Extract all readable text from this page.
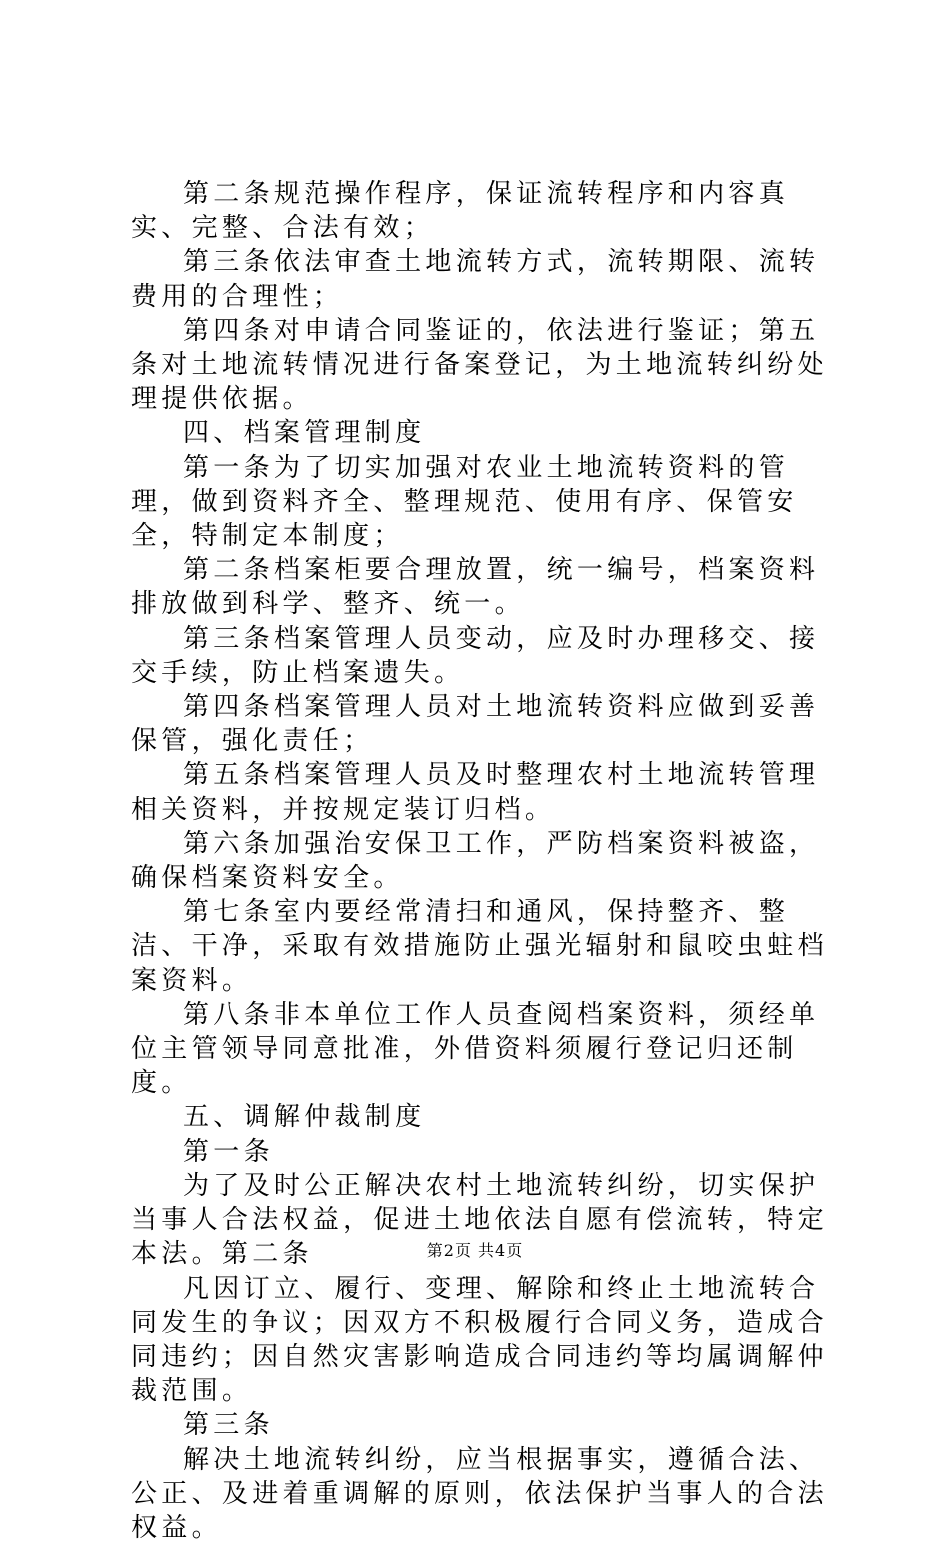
第二条规范操作程序，保证流转程序和内容真实、完整、合法有效；

第三条依法审查土地流转方式，流转期限、流转费用的合理性；

第四条对申请合同鉴证的，依法进行鉴证；第五条对土地流转情况进行备案登记，为土地流转纠纷处理提供依据。

四、档案管理制度

第一条为了切实加强对农业土地流转资料的管理，做到资料齐全、整理规范、使用有序、保管安全，特制定本制度；

第二条档案柜要合理放置，统一编号，档案资料排放做到科学、整齐、统一。

第三条档案管理人员变动，应及时办理移交、接交手续，防止档案遗失。

第四条档案管理人员对土地流转资料应做到妥善保管，强化责任；

第五条档案管理人员及时整理农村土地流转管理相关资料，并按规定装订归档。

第六条加强治安保卫工作，严防档案资料被盗，确保档案资料安全。

第七条室内要经常清扫和通风，保持整齐、整洁、干净，采取有效措施防止强光辐射和鼠咬虫蛀档案资料。

第八条非本单位工作人员查阅档案资料，须经单位主管领导同意批准，外借资料须履行登记归还制度。

五、调解仲裁制度

第一条

为了及时公正解决农村土地流转纠纷，切实保护当事人合法权益，促进土地依法自愿有偿流转，特定本法。第二条

凡因订立、履行、变理、解除和终止土地流转合同发生的争议；因双方不积极履行合同义务，造成合同违约；因自然灾害影响造成合同违约等均属调解仲裁范围。

第三条

解决土地流转纠纷，应当根据事实，遵循合法、公正、及进着重调解的原则，依法保护当事人的合法权益。

第2页 共4页
